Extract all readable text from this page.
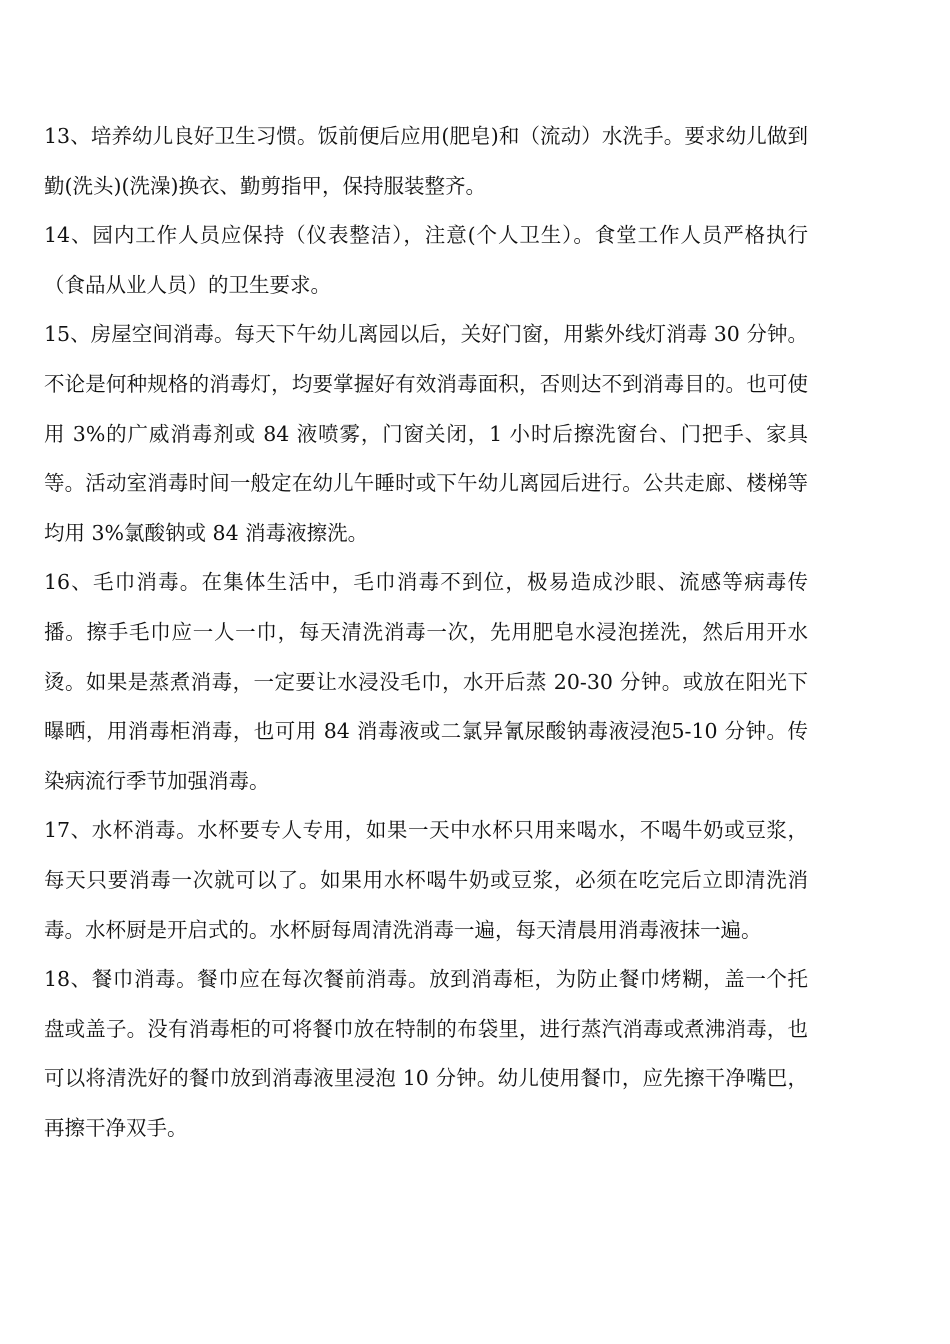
13、培养幼儿良好卫生习惯。饭前便后应用(肥皂)和（流动）水洗手。要求幼儿做到勤(洗头)(洗澡)换衣、勤剪指甲，保持服装整齐。

14、园内工作人员应保持（仪表整洁），注意(个人卫生）。食堂工作人员严格执行（食品从业人员）的卫生要求。

15、房屋空间消毒。每天下午幼儿离园以后，关好门窗，用紫外线灯消毒 30 分钟。不论是何种规格的消毒灯，均要掌握好有效消毒面积，否则达不到消毒目的。也可使用 3%的广威消毒剂或 84 液喷雾，门窗关闭，1 小时后擦洗窗台、门把手、家具等。活动室消毒时间一般定在幼儿午睡时或下午幼儿离园后进行。公共走廊、楼梯等均用 3%氯酸钠或 84 消毒液擦洗。

16、毛巾消毒。在集体生活中，毛巾消毒不到位，极易造成沙眼、流感等病毒传播。擦手毛巾应一人一巾，每天清洗消毒一次，先用肥皂水浸泡搓洗，然后用开水烫。如果是蒸煮消毒，一定要让水浸没毛巾，水开后蒸 20-30 分钟。或放在阳光下曝晒，用消毒柜消毒，也可用 84 消毒液或二氯异氰尿酸钠毒液浸泡5-10 分钟。传染病流行季节加强消毒。

17、水杯消毒。水杯要专人专用，如果一天中水杯只用来喝水，不喝牛奶或豆浆，每天只要消毒一次就可以了。如果用水杯喝牛奶或豆浆，必须在吃完后立即清洗消毒。水杯厨是开启式的。水杯厨每周清洗消毒一遍，每天清晨用消毒液抹一遍。

18、餐巾消毒。餐巾应在每次餐前消毒。放到消毒柜，为防止餐巾烤糊，盖一个托盘或盖子。没有消毒柜的可将餐巾放在特制的布袋里，进行蒸汽消毒或煮沸消毒，也可以将清洗好的餐巾放到消毒液里浸泡 10 分钟。幼儿使用餐巾，应先擦干净嘴巴，再擦干净双手。
